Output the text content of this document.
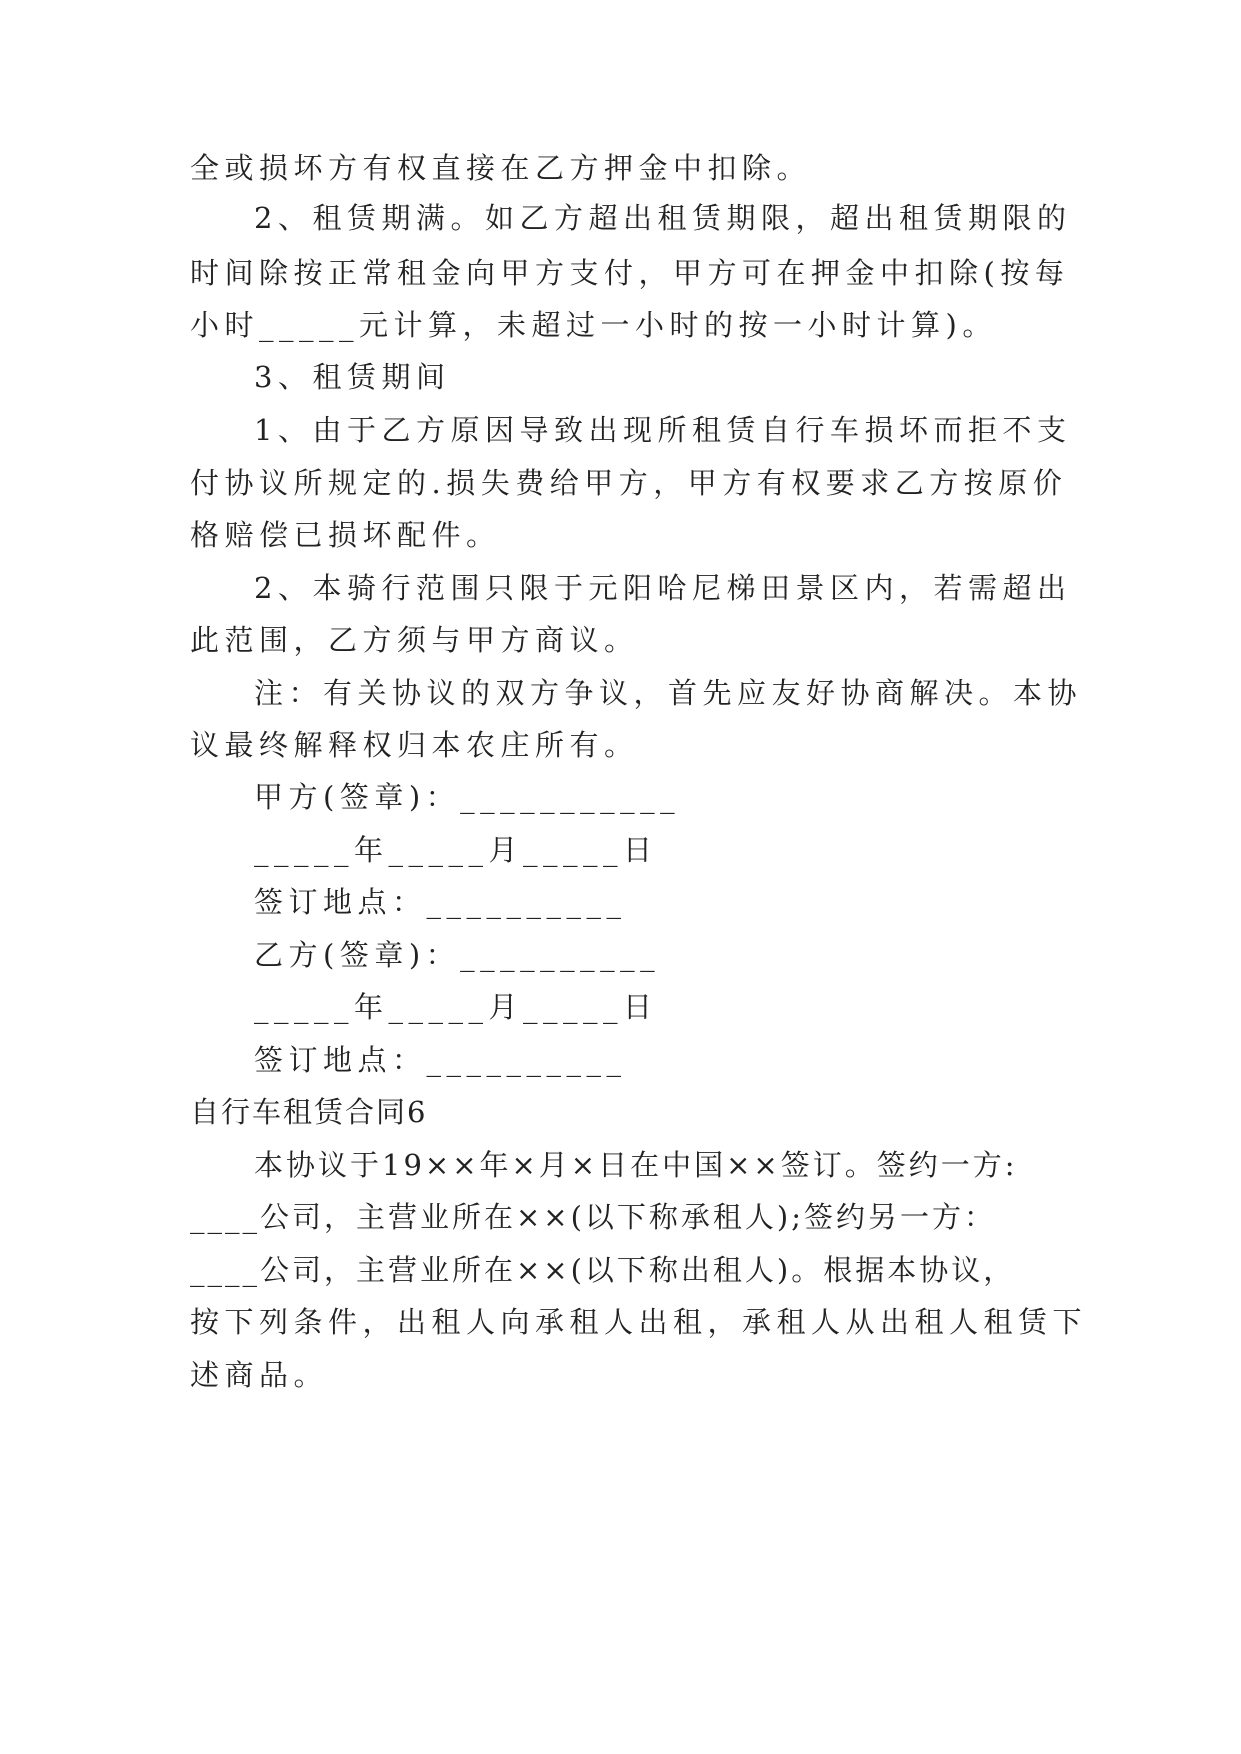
全或损坏方有权直接在乙方押金中扣除。
2、租赁期满。如乙方超出租赁期限，超出租赁期限的
时间除按正常租金向甲方支付，甲方可在押金中扣除(按每
小时_____元计算，未超过一小时的按一小时计算)。
3、租赁期间
1、由于乙方原因导致出现所租赁自行车损坏而拒不支
付协议所规定的.损失费给甲方，甲方有权要求乙方按原价
格赔偿已损坏配件。
2、本骑行范围只限于元阳哈尼梯田景区内，若需超出
此范围，乙方须与甲方商议。
注：有关协议的双方争议，首先应友好协商解决。本协
议最终解释权归本农庄所有。
甲方(签章)：___________
_____年_____月_____日
签订地点：__________
乙方(签章)：__________
_____年_____月_____日
签订地点：__________
自行车租赁合同6
本协议于19××年×月×日在中国××签订。签约一方:
____公司，主营业所在××(以下称承租人);签约另一方：
____公司，主营业所在××(以下称出租人)。根据本协议，
按下列条件，出租人向承租人出租，承租人从出租人租赁下
述商品。
